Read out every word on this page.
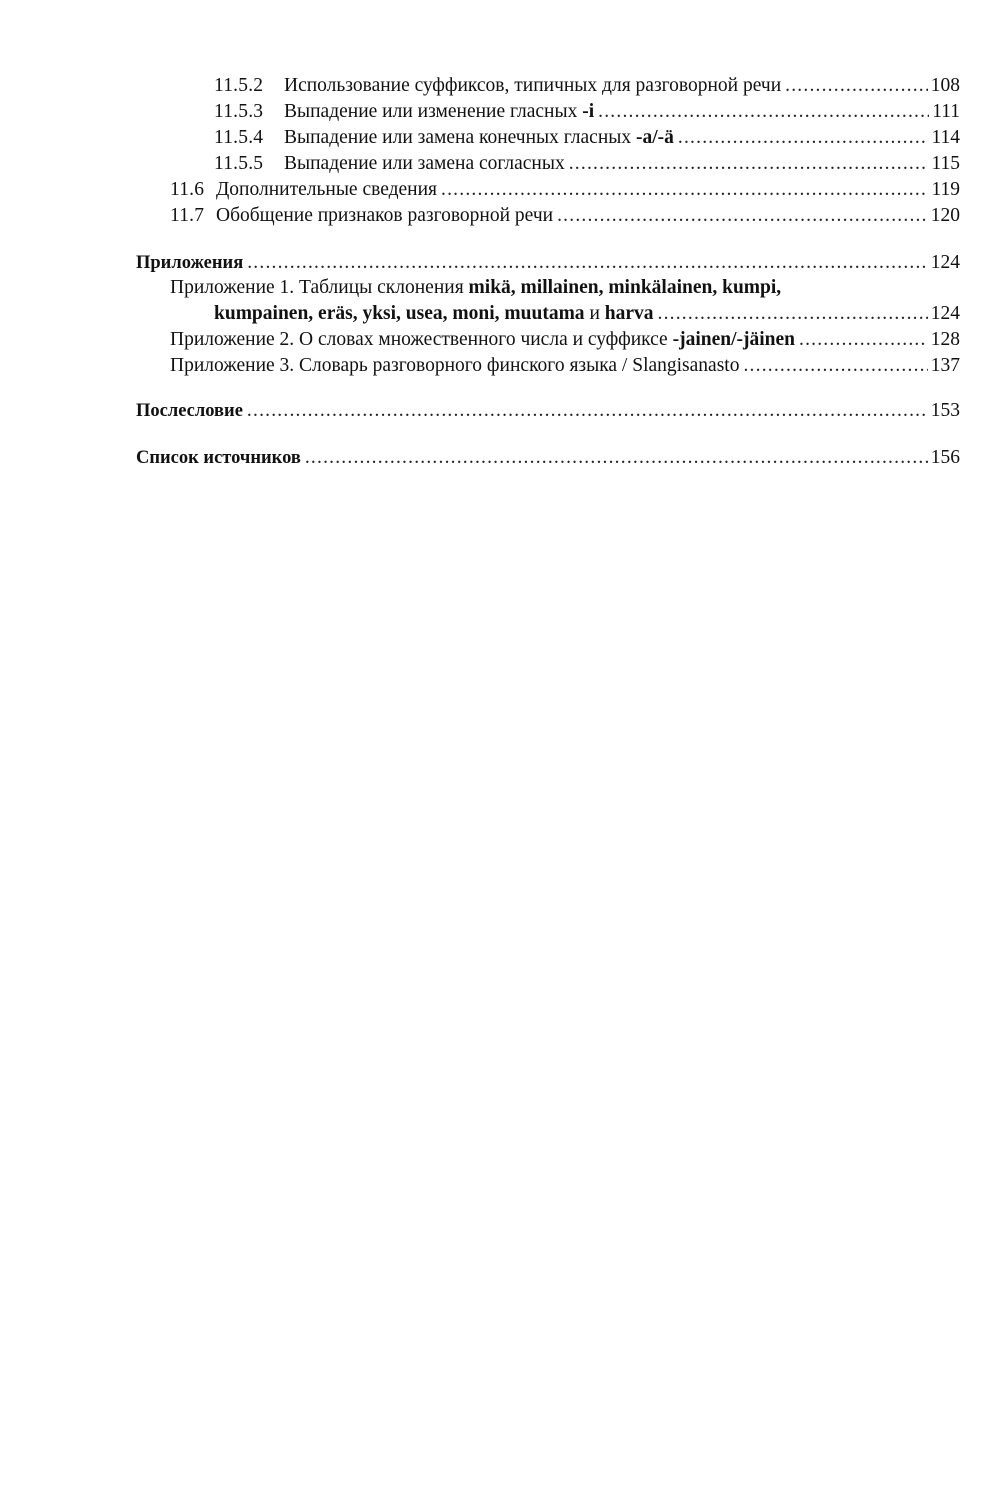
11.5.2	Использование суффиксов, типичных для разговорной речи .....	108
11.5.3	Выпадение или изменение гласных -i .....	111
11.5.4	Выпадение или замена конечных гласных -a/-ä .....	114
11.5.5	Выпадение или замена согласных .....	115
11.6 Дополнительные сведения .....	119
11.7 Обобщение признаков разговорной речи .....	120
Приложения .....	124
Приложение 1. Таблицы склонения mikä, millainen, minkälainen, kumpi,
kumpainen, eräs, yksi, usea, moni, muutama и harva .....	124
Приложение 2. О словах множественного числа и суффиксе -jainen/-jäinen .....	128
Приложение 3. Словарь разговорного финского языка / Slangisanasto .....	137
Послесловие .....	153
Список источников .....	156
